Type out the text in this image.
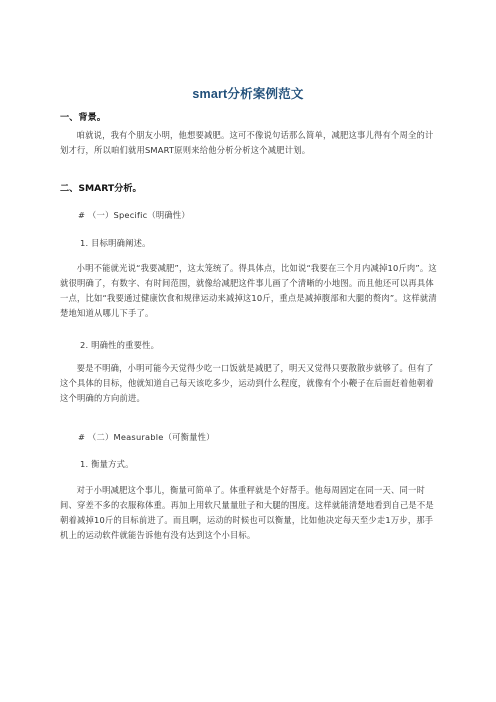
smart分析案例范文
一、背景。
咱就说，我有个朋友小明，他想要减肥。这可不像说句话那么简单，减肥这事儿得有个周全的计划才行，所以咱们就用SMART原则来给他分析分析这个减肥计划。
二、SMART分析。
# （一）Specific（明确性）
1. 目标明确阐述。
小明不能就光说“我要减肥”，这太笼统了。得具体点，比如说“我要在三个月内减掉10斤肉”。这就很明确了，有数字、有时间范围，就像给减肥这件事儿画了个清晰的小地图。而且他还可以再具体一点，比如“我要通过健康饮食和规律运动来减掉这10斤，重点是减掉腹部和大腿的赘肉”。这样就清楚地知道从哪儿下手了。
2. 明确性的重要性。
要是不明确，小明可能今天觉得少吃一口饭就是减肥了，明天又觉得只要散散步就够了。但有了这个具体的目标，他就知道自己每天该吃多少，运动到什么程度，就像有个小鞭子在后面赶着他朝着这个明确的方向前进。
# （二）Measurable（可衡量性）
1. 衡量方式。
对于小明减肥这个事儿，衡量可简单了。体重秤就是个好帮手。他每周固定在同一天、同一时间、穿差不多的衣服称体重。再加上用软尺量量肚子和大腿的围度。这样就能清楚地看到自己是不是朝着减掉10斤的目标前进了。而且啊，运动的时候也可以衡量，比如他决定每天至少走1万步，那手机上的运动软件就能告诉他有没有达到这个小目标。
